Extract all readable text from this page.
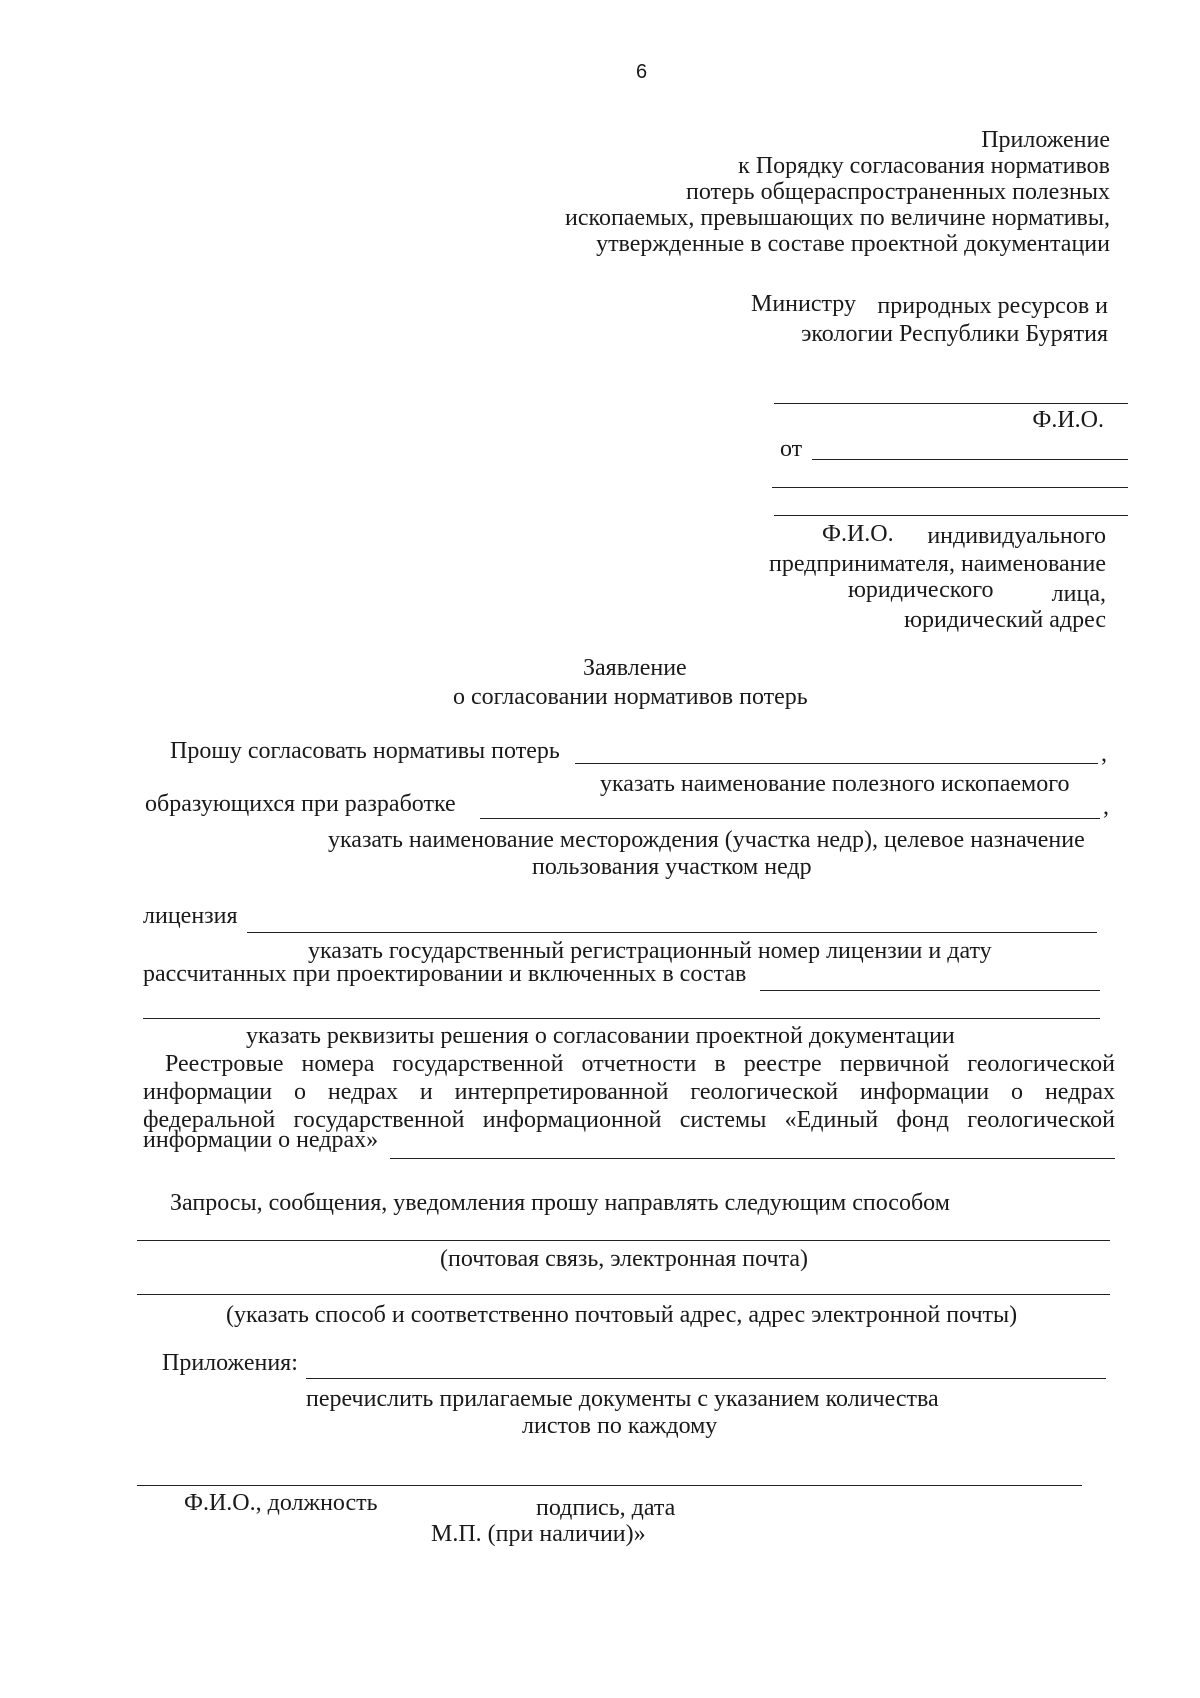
6
Приложение
к Порядку согласования нормативов
потерь общераспространенных полезных
ископаемых, превышающих по величине нормативы,
утвержденные в составе проектной документации
Министру природных ресурсов и
экологии Республики Бурятия
Ф.И.О.
от
Ф.И.О. индивидуального
предпринимателя, наименование
юридического лица,
юридический адрес
Заявление
о согласовании нормативов потерь
Прошу согласовать нормативы потерь	,
указать наименование полезного ископаемого
образующихся при разработке	,
указать наименование месторождения (участка недр), целевое назначение
пользования участком недр
лицензия
указать государственный регистрационный номер лицензии и дату
рассчитанных при проектировании и включенных в состав
указать реквизиты решения о согласовании проектной документации
Реестровые номера государственной отчетности в реестре первичной геологической
информации о недрах и интерпретированной геологической информации о недрах
федеральной государственной информационной системы «Единый фонд геологической
информации о недрах»
Запросы, сообщения, уведомления прошу направлять следующим способом
(почтовая связь, электронная почта)
(указать способ и соответственно почтовый адрес, адрес электронной почты)
Приложения:
перечислить прилагаемые документы с указанием количества
листов по каждому
Ф.И.О., должность	подпись, дата
М.П. (при наличии)»
